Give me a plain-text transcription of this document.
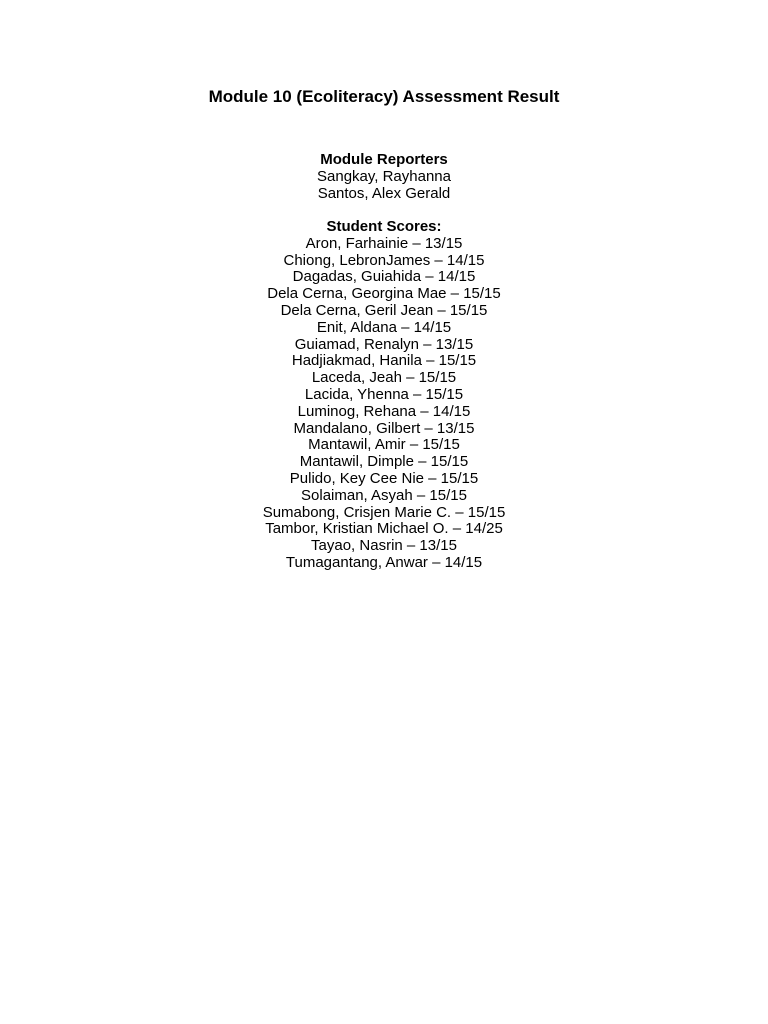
Module 10 (Ecoliteracy) Assessment Result
Module Reporters
Sangkay, Rayhanna
Santos, Alex Gerald
Student Scores:
Aron, Farhainie – 13/15
Chiong, LebronJames – 14/15
Dagadas, Guiahida – 14/15
Dela Cerna, Georgina Mae – 15/15
Dela Cerna, Geril Jean – 15/15
Enit, Aldana – 14/15
Guiamad, Renalyn – 13/15
Hadjiakmad, Hanila – 15/15
Laceda, Jeah – 15/15
Lacida, Yhenna – 15/15
Luminog, Rehana – 14/15
Mandalano, Gilbert – 13/15
Mantawil, Amir – 15/15
Mantawil, Dimple – 15/15
Pulido, Key Cee Nie – 15/15
Solaiman, Asyah – 15/15
Sumabong, Crisjen Marie C. – 15/15
Tambor, Kristian Michael O. – 14/25
Tayao, Nasrin – 13/15
Tumagantang, Anwar – 14/15
